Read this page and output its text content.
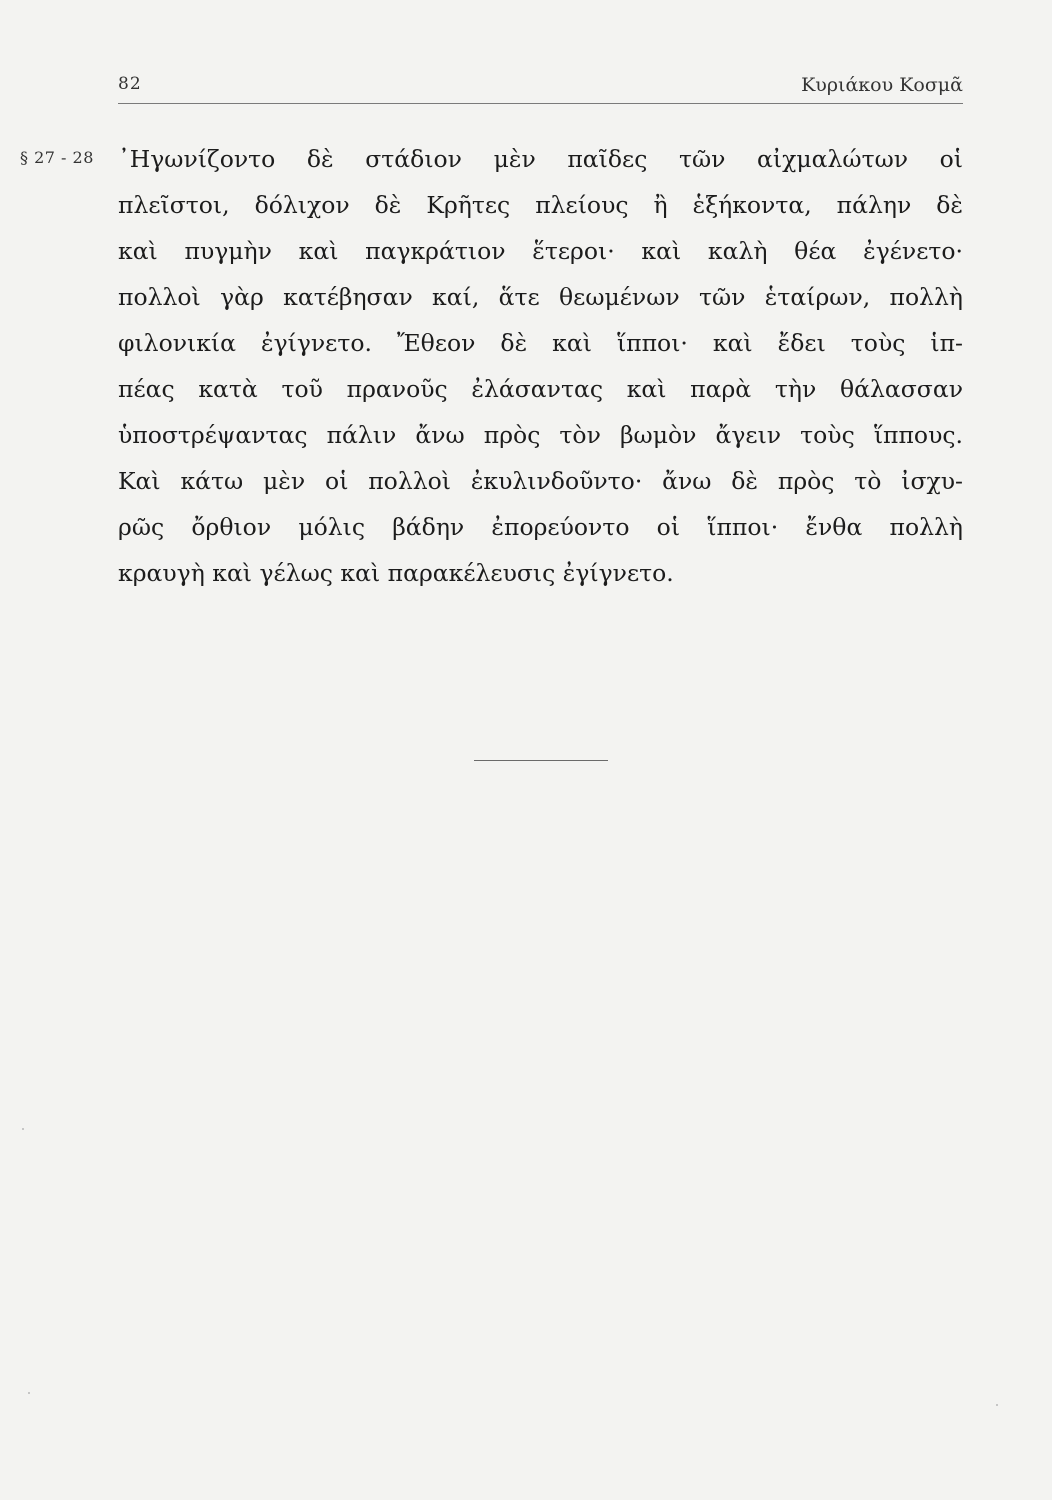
82	Κυριάκου Κοσμᾶ
§ 27 - 28 ᾿Ηγωνίζοντο δὲ στάδιον μὲν παῖδες τῶν αἰχμαλώτων οἱ
πλεῖστοι, δόλιχον δὲ Κρῆτες πλείους ἢ ἑξήκοντα, πάλην δὲ
καὶ πυγμὴν καὶ παγκράτιον ἕτεροι· καὶ καλὴ θέα ἐγένετο·
πολλοὶ γὰρ κατέβησαν καί, ἅτε θεωμένων τῶν ἑταίρων, πολλὴ
φιλονικία ἐγίγνετο. Ἔθεον δὲ καὶ ἵπποι· καὶ ἔδει τοὺς ἱπ-
πέας κατὰ τοῦ πρανοῦς ἐλάσαντας καὶ παρὰ τὴν θάλασσαν
ὑποστρέψαντας πάλιν ἄνω πρὸς τὸν βωμὸν ἄγειν τοὺς ἵππους.
Καὶ κάτω μὲν οἱ πολλοὶ ἐκυλινδοῦντο· ἄνω δὲ πρὸς τὸ ἰσχυ-
ρῶς ὄρθιον μόλις βάδην ἐπορεύοντο οἱ ἵπποι· ἔνθα πολλὴ
κραυγὴ καὶ γέλως καὶ παρακέλευσις ἐγίγνετο.
